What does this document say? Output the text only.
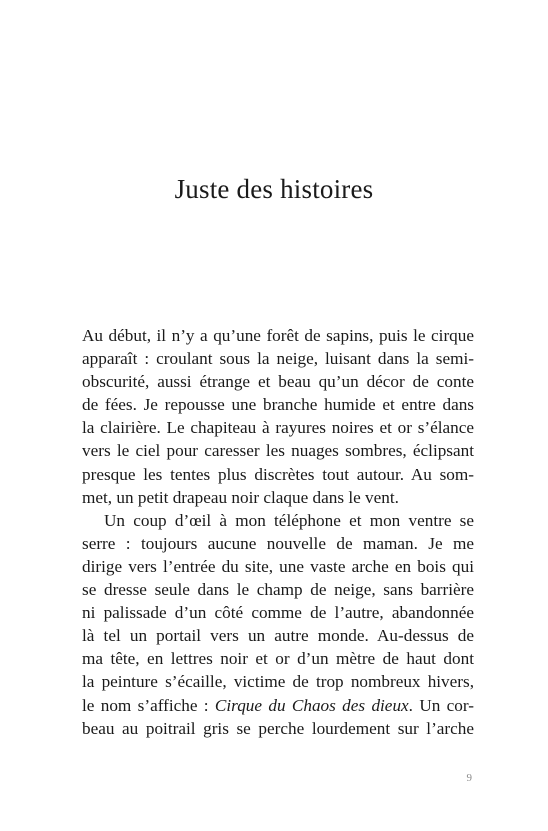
Juste des histoires
Au début, il n’y a qu’une forêt de sapins, puis le cirque
apparaît : croulant sous la neige, luisant dans la semi-
obscurité, aussi étrange et beau qu’un décor de conte
de fées. Je repousse une branche humide et entre dans
la clairière. Le chapiteau à rayures noires et or s’élance
vers le ciel pour caresser les nuages sombres, éclipsant
presque les tentes plus discrètes tout autour. Au som-
met, un petit drapeau noir claque dans le vent.
Un coup d’œil à mon téléphone et mon ventre se
serre : toujours aucune nouvelle de maman. Je me
dirige vers l’entrée du site, une vaste arche en bois qui
se dresse seule dans le champ de neige, sans barrière
ni palissade d’un côté comme de l’autre, abandonnée
là tel un portail vers un autre monde. Au-dessus de
ma tête, en lettres noir et or d’un mètre de haut dont
la peinture s’écaille, victime de trop nombreux hivers,
le nom s’affiche : Cirque du Chaos des dieux. Un cor-
beau au poitrail gris se perche lourdement sur l’arche
9
